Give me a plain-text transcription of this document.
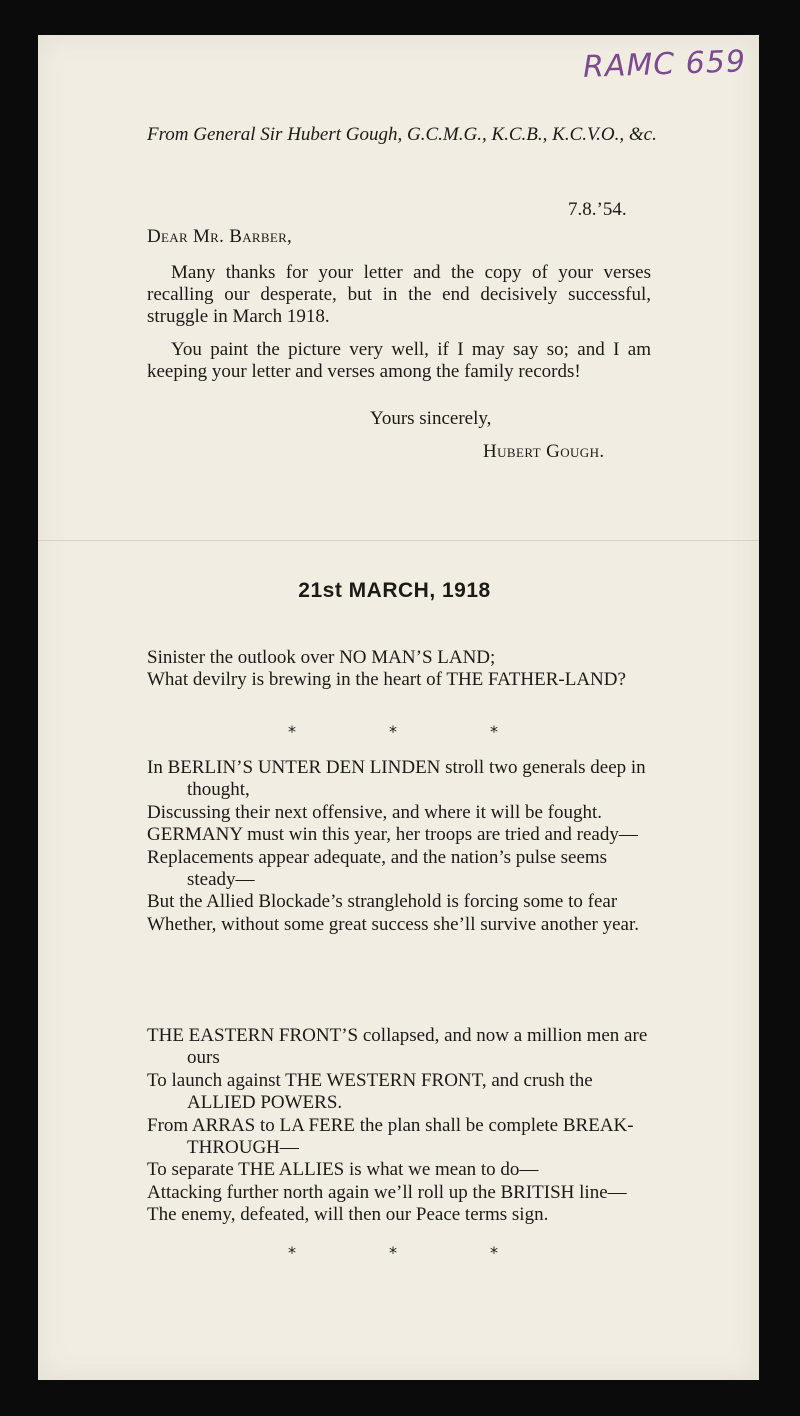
RAMC 659
From General Sir Hubert Gough, G.C.M.G., K.C.B., K.C.V.O., &c.
7.8.’54.
Dear Mr. Barber,
Many thanks for your letter and the copy of your verses recalling our desperate, but in the end decisively successful, struggle in March 1918.
You paint the picture very well, if I may say so; and I am keeping your letter and verses among the family records!
Yours sincerely,
Hubert Gough.
21st MARCH, 1918
Sinister the outlook over NO MAN’S LAND;
What devilry is brewing in the heart of THE FATHER-LAND?
*	*	*
In BERLIN’S UNTER DEN LINDEN stroll two generals deep in thought,
Discussing their next offensive, and where it will be fought.
GERMANY must win this year, her troops are tried and ready—
Replacements appear adequate, and the nation’s pulse seems steady—
But the Allied Blockade’s stranglehold is forcing some to fear
Whether, without some great success she’ll survive another year.
THE EASTERN FRONT’S collapsed, and now a million men are ours
To launch against THE WESTERN FRONT, and crush the ALLIED POWERS.
From ARRAS to LA FERE the plan shall be complete BREAK-THROUGH—
To separate THE ALLIES is what we mean to do—
Attacking further north again we’ll roll up the BRITISH line—
The enemy, defeated, will then our Peace terms sign.
*	*	*
